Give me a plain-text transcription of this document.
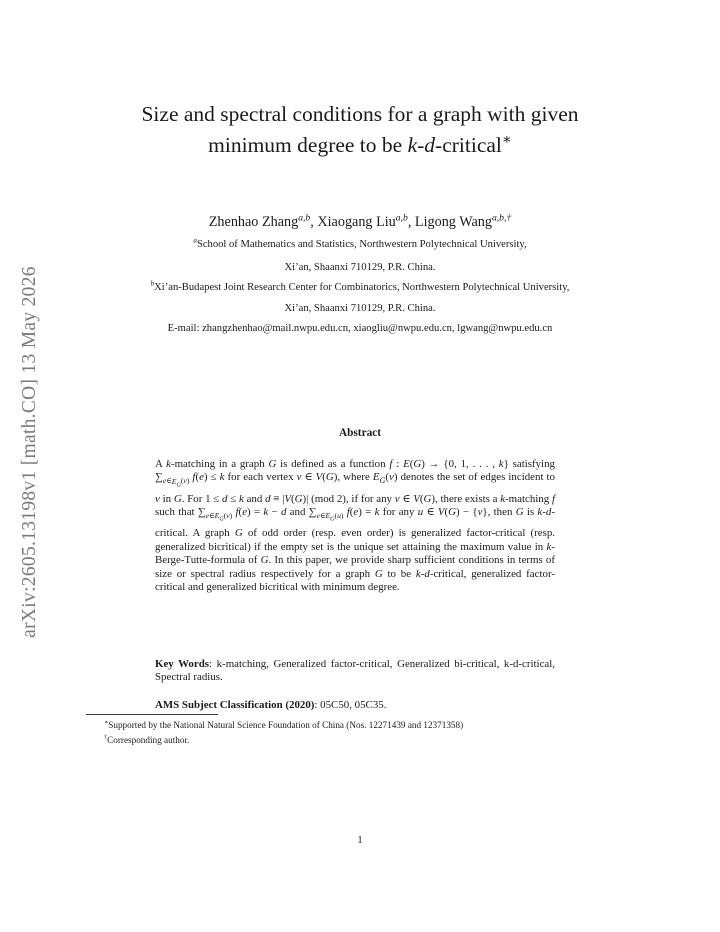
arXiv:2605.13198v1 [math.CO] 13 May 2026
Size and spectral conditions for a graph with given
minimum degree to be k-d-critical∗
Zhenhao Zhang$^{a,b}$, Xiaogang Liu$^{a,b}$, Ligong Wang$^{a,b,\dagger}$
$^a$School of Mathematics and Statistics, Northwestern Polytechnical University,
Xi’an, Shaanxi 710129, P.R. China.
$^b$Xi’an-Budapest Joint Research Center for Combinatorics, Northwestern Polytechnical University,
Xi’an, Shaanxi 710129, P.R. China.
E-mail: zhangzhenhao@mail.nwpu.edu.cn, xiaogliu@nwpu.edu.cn, lgwang@nwpu.edu.cn
Abstract
A k-matching in a graph G is defined as a function f : E(G) → {0, 1, . . . , k} satisfying $\sum_{e\in E_G(v)}$ f(e) ≤ k for each vertex v ∈ V(G), where $E_G(v)$ denotes the set of edges incident to v in G. For 1 ≤ d ≤ k and d ≡ |V(G)| (mod 2), if for any v ∈ V(G), there exists a k-matching f such that $\sum_{e\in E_G(v)}$ f(e) = k − d and $\sum_{e\in E_G(u)}$ f(e) = k for any u ∈ V(G) − {v}, then G is k-d-critical. A graph G of odd order (resp. even order) is generalized factor-critical (resp. generalized bicritical) if the empty set is the unique set attaining the maximum value in k-Berge-Tutte-formula of G. In this paper, we provide sharp sufficient conditions in terms of size or spectral radius respectively for a graph G to be k-d-critical, generalized factor-critical and generalized bicritical with minimum degree.
Key Words: k-matching, Generalized factor-critical, Generalized bi-critical, k-d-critical, Spectral radius.
AMS Subject Classification (2020): 05C50, 05C35.
∗Supported by the National Natural Science Foundation of China (Nos. 12271439 and 12371358)
†Corresponding author.
1
